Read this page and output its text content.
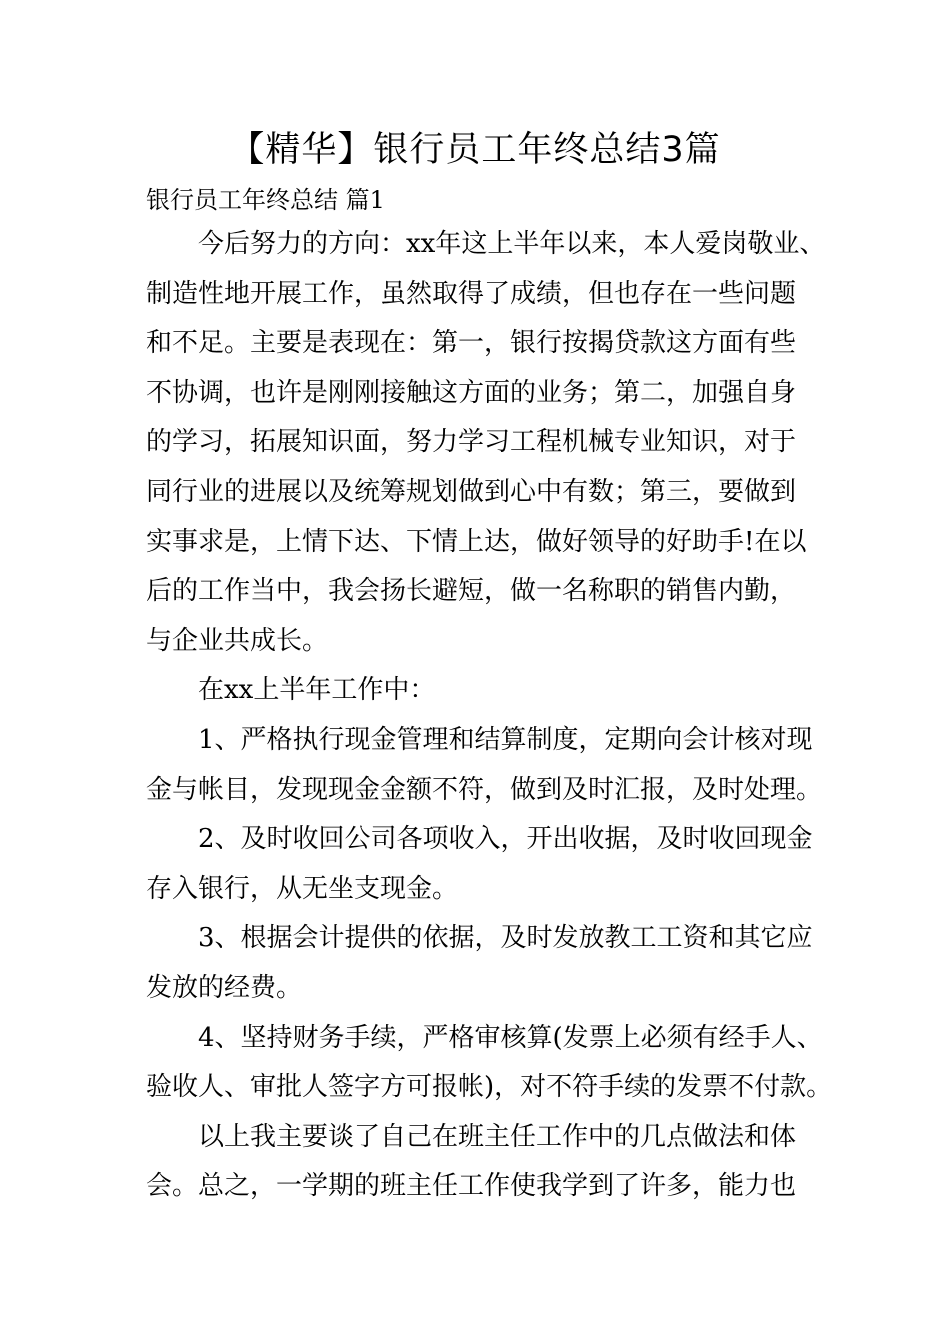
【精华】银行员工年终总结3篇
银行员工年终总结 篇1
今后努力的方向：xx年这上半年以来，本人爱岗敬业、
制造性地开展工作，虽然取得了成绩，但也存在一些问题
和不足。主要是表现在：第一，银行按揭贷款这方面有些
不协调，也许是刚刚接触这方面的业务；第二，加强自身
的学习，拓展知识面，努力学习工程机械专业知识，对于
同行业的进展以及统筹规划做到心中有数；第三，要做到
实事求是，上情下达、下情上达，做好领导的好助手!在以
后的工作当中，我会扬长避短，做一名称职的销售内勤，
与企业共成长。
在xx上半年工作中：
1、严格执行现金管理和结算制度，定期向会计核对现
金与帐目，发现现金金额不符，做到及时汇报，及时处理。
2、及时收回公司各项收入，开出收据，及时收回现金
存入银行，从无坐支现金。
3、根据会计提供的依据，及时发放教工工资和其它应
发放的经费。
4、坚持财务手续，严格审核算(发票上必须有经手人、
验收人、审批人签字方可报帐)，对不符手续的发票不付款。
以上我主要谈了自己在班主任工作中的几点做法和体
会。总之，一学期的班主任工作使我学到了许多，能力也
